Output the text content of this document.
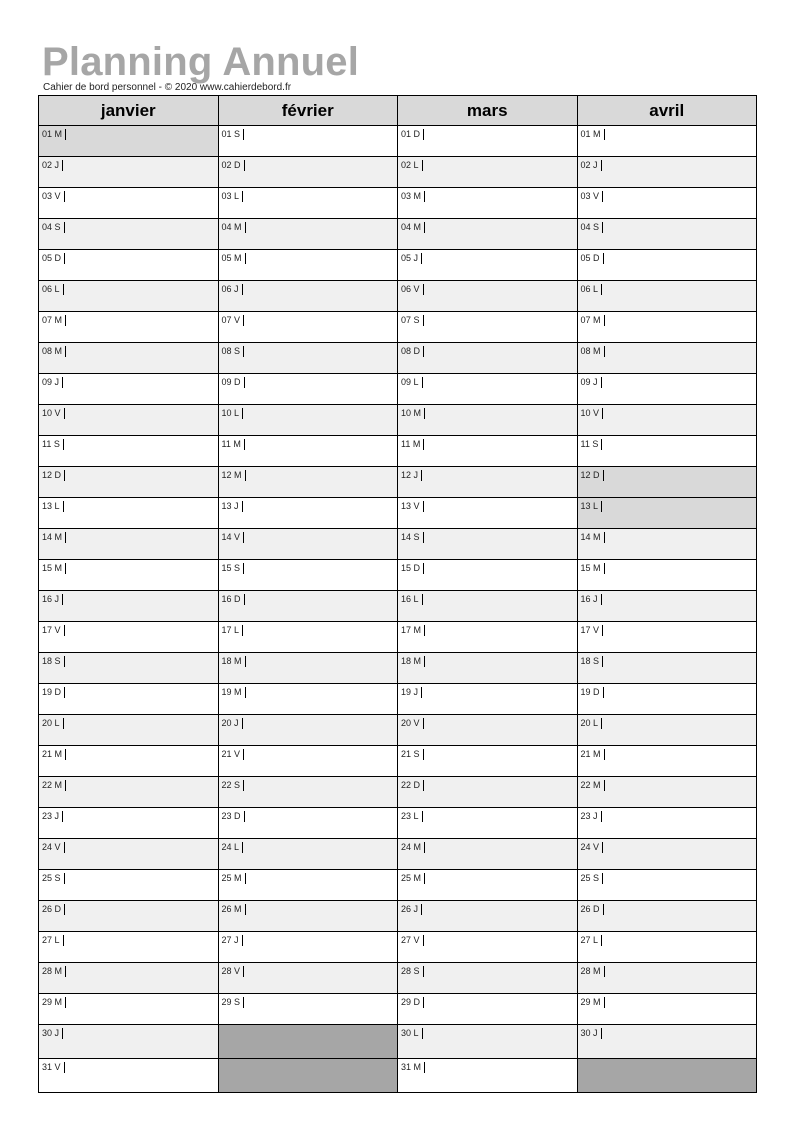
Planning Annuel
Cahier de bord personnel - © 2020 www.cahierdebord.fr
janvier	février	mars	avril
01 M	01 S	01 D	01 M
02 J	02 D	02 L	02 J
03 V	03 L	03 M	03 V
04 S	04 M	04 M	04 S
05 D	05 M	05 J	05 D
06 L	06 J	06 V	06 L
07 M	07 V	07 S	07 M
08 M	08 S	08 D	08 M
09 J	09 D	09 L	09 J
10 V	10 L	10 M	10 V
11 S	11 M	11 M	11 S
12 D	12 M	12 J	12 D
13 L	13 J	13 V	13 L
14 M	14 V	14 S	14 M
15 M	15 S	15 D	15 M
16 J	16 D	16 L	16 J
17 V	17 L	17 M	17 V
18 S	18 M	18 M	18 S
19 D	19 M	19 J	19 D
20 L	20 J	20 V	20 L
21 M	21 V	21 S	21 M
22 M	22 S	22 D	22 M
23 J	23 D	23 L	23 J
24 V	24 L	24 M	24 V
25 S	25 M	25 M	25 S
26 D	26 M	26 J	26 D
27 L	27 J	27 V	27 L
28 M	28 V	28 S	28 M
29 M	29 S	29 D	29 M
30 J		30 L	30 J
31 V		31 M	
